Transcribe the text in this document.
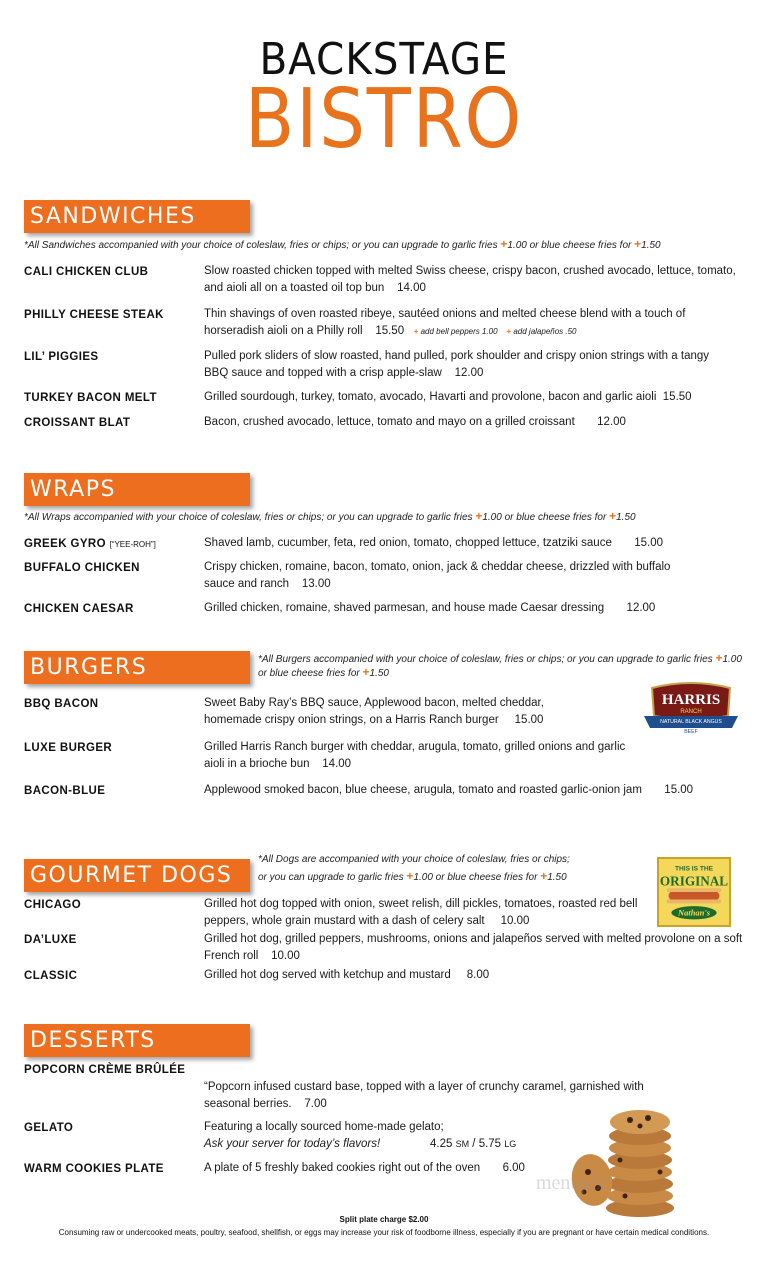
BACKSTAGE
BISTRO
SANDWICHES
*All Sandwiches accompanied with your choice of coleslaw, fries or chips; or you can upgrade to garlic fries +1.00 or blue cheese fries for +1.50
CALI CHICKEN CLUB	Slow roasted chicken topped with melted Swiss cheese, crispy bacon, crushed avocado, lettuce, tomato, and aioli all on a toasted oil top bun 14.00
PHILLY CHEESE STEAK	Thin shavings of oven roasted ribeye, sautéed onions and melted cheese blend with a touch of horseradish aioli on a Philly roll 15.50 + add bell peppers 1.00 + add jalapeños .50
LIL’ PIGGIES	Pulled pork sliders of slow roasted, hand pulled, pork shoulder and crispy onion strings with a tangy BBQ sauce and topped with a crisp apple-slaw 12.00
TURKEY BACON MELT	Grilled sourdough, turkey, tomato, avocado, Havarti and provolone, bacon and garlic aioli 15.50
CROISSANT BLAT	Bacon, crushed avocado, lettuce, tomato and mayo on a grilled croissant 12.00
WRAPS
*All Wraps accompanied with your choice of coleslaw, fries or chips; or you can upgrade to garlic fries +1.00 or blue cheese fries for +1.50
GREEK GYRO [“YEE-ROH”]	Shaved lamb, cucumber, feta, red onion, tomato, chopped lettuce, tzatziki sauce 15.00
BUFFALO CHICKEN	Crispy chicken, romaine, bacon, tomato, onion, jack & cheddar cheese, drizzled with buffalo sauce and ranch 13.00
CHICKEN CAESAR	Grilled chicken, romaine, shaved parmesan, and house made Caesar dressing 12.00
BURGERS	*All Burgers accompanied with your choice of coleslaw, fries or chips; or you can upgrade to garlic fries +1.00 or blue cheese fries for +1.50
HARRIS
RANCH
NATURAL BLACK ANGUS
BEEF
BBQ BACON	Sweet Baby Ray’s BBQ sauce, Applewood bacon, melted cheddar, homemade crispy onion strings, on a Harris Ranch burger 15.00
LUXE BURGER	Grilled Harris Ranch burger with cheddar, arugula, tomato, grilled onions and garlic aioli in a brioche bun 14.00
BACON-BLUE	Applewood smoked bacon, blue cheese, arugula, tomato and roasted garlic-onion jam 15.00
GOURMET DOGS
*All Dogs are accompanied with your choice of coleslaw, fries or chips;
or you can upgrade to garlic fries +1.00 or blue cheese fries for +1.50
THIS IS THE
ORIGINAL
Nathan's
CHICAGO	Grilled hot dog topped with onion, sweet relish, dill pickles, tomatoes, roasted red bell peppers, whole grain mustard with a dash of celery salt 10.00
DA’LUXE	Grilled hot dog, grilled peppers, mushrooms, onions and jalapeños served with melted provolone on a soft French roll 10.00
CLASSIC	Grilled hot dog served with ketchup and mustard 8.00
DESSERTS
POPCORN CRÈME BRÛLÉE
“Popcorn infused custard base, topped with a layer of crunchy caramel, garnished with seasonal berries. 7.00
GELATO	Featuring a locally sourced home-made gelato;
Ask your server for today’s flavors!	4.25 SM / 5.75 LG
WARM COOKIES PLATE	A plate of 5 freshly baked cookies right out of the oven 6.00
menupix
Split plate charge $2.00
Consuming raw or undercooked meats, poultry, seafood, shellfish, or eggs may increase your risk of foodborne illness, especially if you are pregnant or have certain medical conditions.
